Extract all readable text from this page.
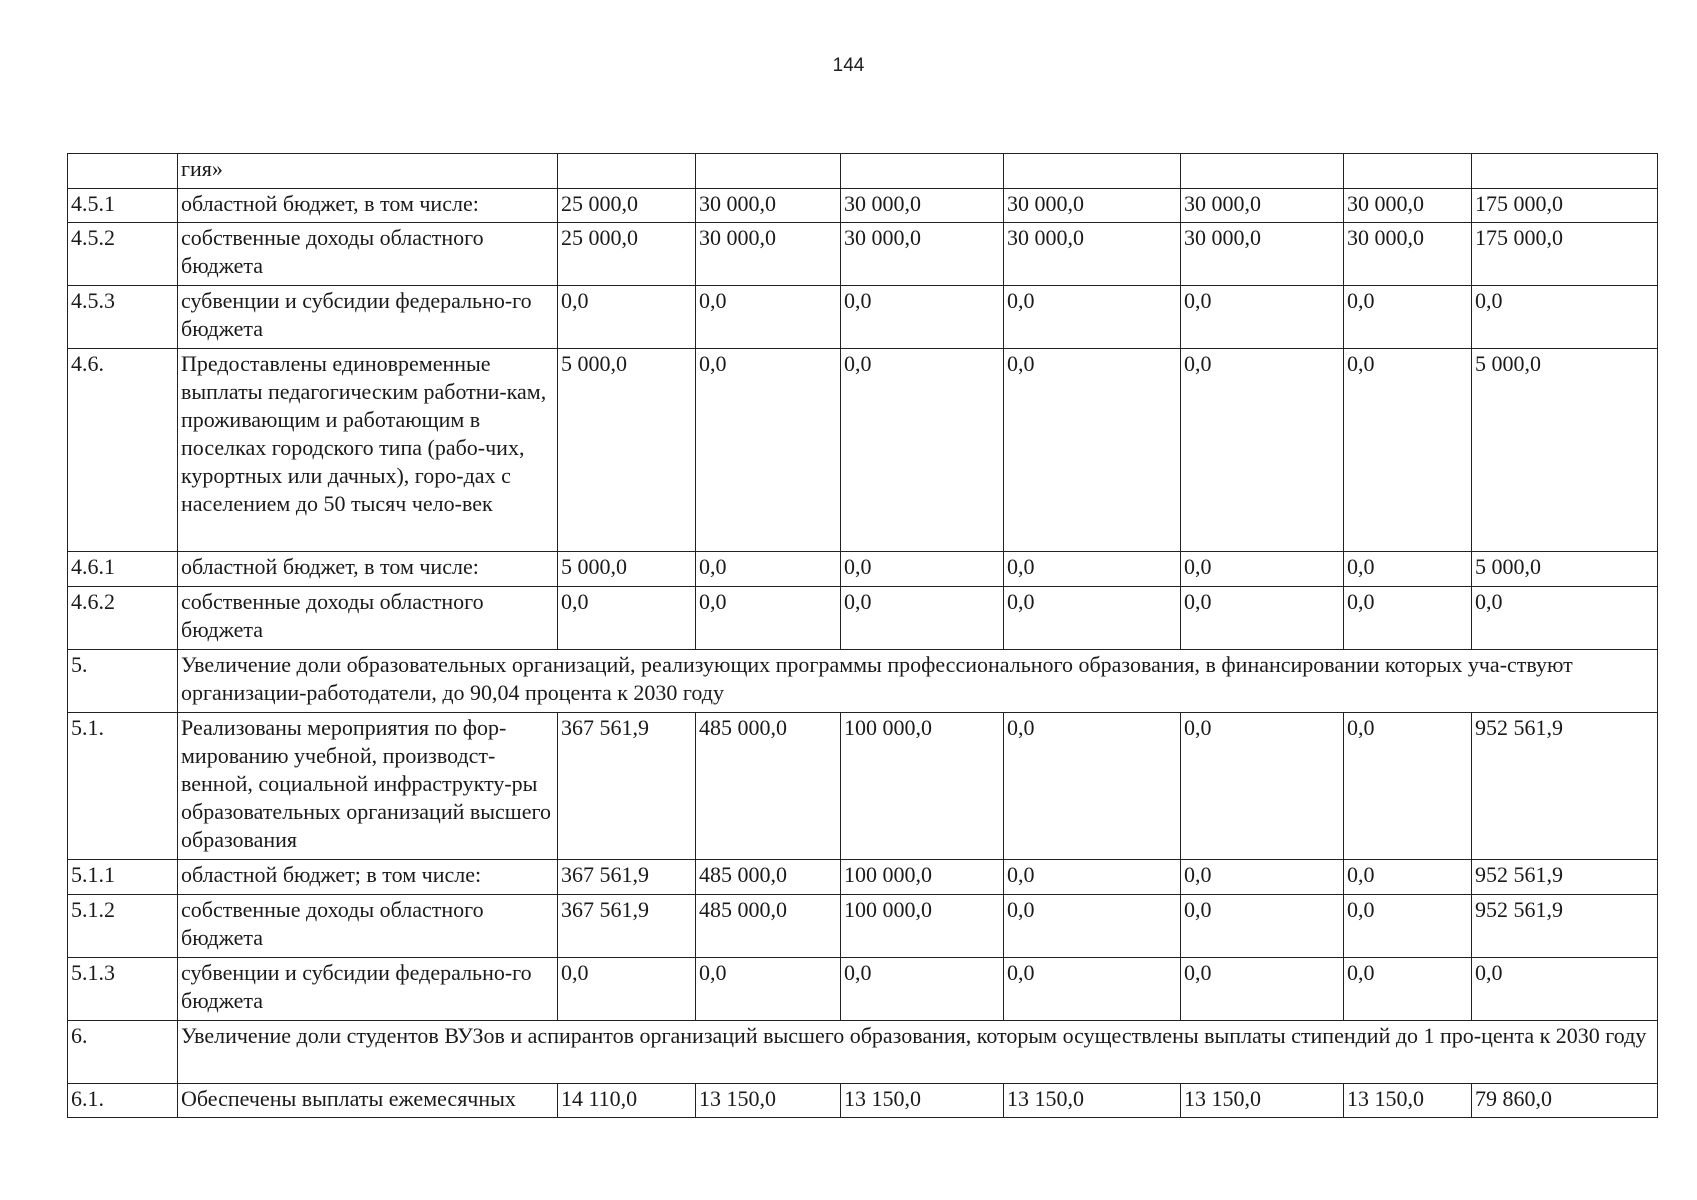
144
	гия»							
4.5.1	областной бюджет, в том числе:	25 000,0	30 000,0	30 000,0	30 000,0	30 000,0	30 000,0	175 000,0
4.5.2	собственные доходы областного бюджета	25 000,0	30 000,0	30 000,0	30 000,0	30 000,0	30 000,0	175 000,0
4.5.3	субвенции и субсидии федерально-го бюджета	0,0	0,0	0,0	0,0	0,0	0,0	0,0
4.6.	Предоставлены единовременные выплаты педагогическим работни-кам, проживающим и работающим в поселках городского типа (рабо-чих, курортных или дачных), горо-дах с населением до 50 тысяч чело-век	5 000,0	0,0	0,0	0,0	0,0	0,0	5 000,0
4.6.1	областной бюджет, в том числе:	5 000,0	0,0	0,0	0,0	0,0	0,0	5 000,0
4.6.2	собственные доходы областного бюджета	0,0	0,0	0,0	0,0	0,0	0,0	0,0
5.	Увеличение доли образовательных организаций, реализующих программы профессионального образования, в финансировании которых уча-ствуют организации-работодатели, до 90,04 процента к 2030 году							
5.1.	Реализованы мероприятия по фор-мированию учебной, производст-венной, социальной инфраструкту-ры образовательных организаций высшего образования	367 561,9	485 000,0	100 000,0	0,0	0,0	0,0	952 561,9
5.1.1	областной бюджет; в том числе:	367 561,9	485 000,0	100 000,0	0,0	0,0	0,0	952 561,9
5.1.2	собственные доходы областного бюджета	367 561,9	485 000,0	100 000,0	0,0	0,0	0,0	952 561,9
5.1.3	субвенции и субсидии федерально-го бюджета	0,0	0,0	0,0	0,0	0,0	0,0	0,0
6.	Увеличение доли студентов ВУЗов и аспирантов организаций высшего образования, которым осуществлены выплаты стипендий до 1 про-цента к 2030 году							
6.1.	Обеспечены выплаты ежемесячных	14 110,0	13 150,0	13 150,0	13 150,0	13 150,0	13 150,0	79 860,0
